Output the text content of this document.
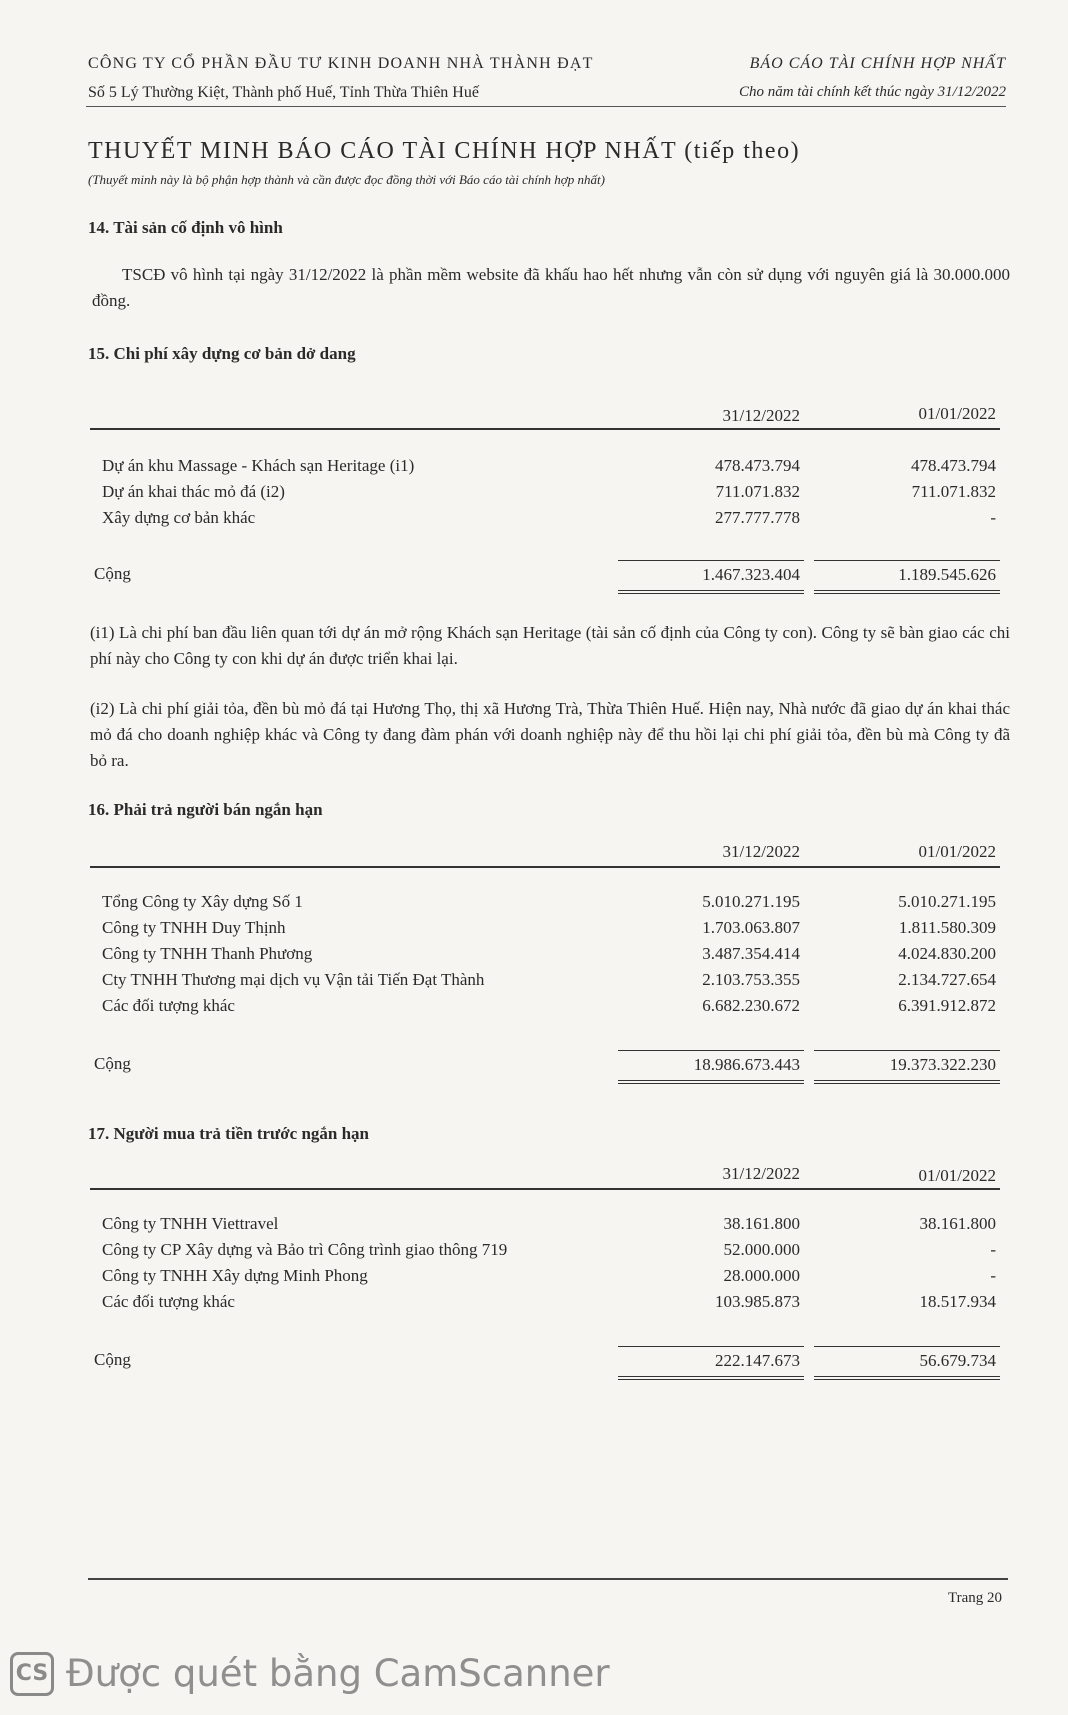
CÔNG TY CỔ PHẦN ĐẦU TƯ KINH DOANH NHÀ THÀNH ĐẠT
Số 5 Lý Thường Kiệt, Thành phố Huế, Tỉnh Thừa Thiên Huế
BÁO CÁO TÀI CHÍNH HỢP NHẤT
Cho năm tài chính kết thúc ngày 31/12/2022
THUYẾT MINH BÁO CÁO TÀI CHÍNH HỢP NHẤT (tiếp theo)
(Thuyết minh này là bộ phận hợp thành và cần được đọc đồng thời với Báo cáo tài chính hợp nhất)
14. Tài sản cố định vô hình
TSCĐ vô hình tại ngày 31/12/2022 là phần mềm website đã khấu hao hết nhưng vẫn còn sử dụng với nguyên giá là 30.000.000 đồng.
15. Chi phí xây dựng cơ bản dở dang
31/12/2022	01/01/2022
Dự án khu Massage - Khách sạn Heritage (i1)	478.473.794	478.473.794
Dự án khai thác mỏ đá (i2)	711.071.832	711.071.832
Xây dựng cơ bản khác	277.777.778	-
Cộng	1.467.323.404	1.189.545.626
(i1) Là chi phí ban đầu liên quan tới dự án mở rộng Khách sạn Heritage (tài sản cố định của Công ty con). Công ty sẽ bàn giao các chi phí này cho Công ty con khi dự án được triển khai lại.
(i2) Là chi phí giải tỏa, đền bù mỏ đá tại Hương Thọ, thị xã Hương Trà, Thừa Thiên Huế. Hiện nay, Nhà nước đã giao dự án khai thác mỏ đá cho doanh nghiệp khác và Công ty đang đàm phán với doanh nghiệp này để thu hồi lại chi phí giải tỏa, đền bù mà Công ty đã bỏ ra.
16. Phải trả người bán ngắn hạn
31/12/2022	01/01/2022
Tổng Công ty Xây dựng Số 1	5.010.271.195	5.010.271.195
Công ty TNHH Duy Thịnh	1.703.063.807	1.811.580.309
Công ty TNHH Thanh Phương	3.487.354.414	4.024.830.200
Cty TNHH Thương mại dịch vụ Vận tải Tiến Đạt Thành	2.103.753.355	2.134.727.654
Các đối tượng khác	6.682.230.672	6.391.912.872
Cộng	18.986.673.443	19.373.322.230
17. Người mua trả tiền trước ngắn hạn
31/12/2022	01/01/2022
Công ty TNHH Viettravel	38.161.800	38.161.800
Công ty CP Xây dựng và Bảo trì Công trình giao thông 719	52.000.000	-
Công ty TNHH Xây dựng Minh Phong	28.000.000	-
Các đối tượng khác	103.985.873	18.517.934
Cộng	222.147.673	56.679.734
Trang 20
CS Được quét bằng CamScanner
